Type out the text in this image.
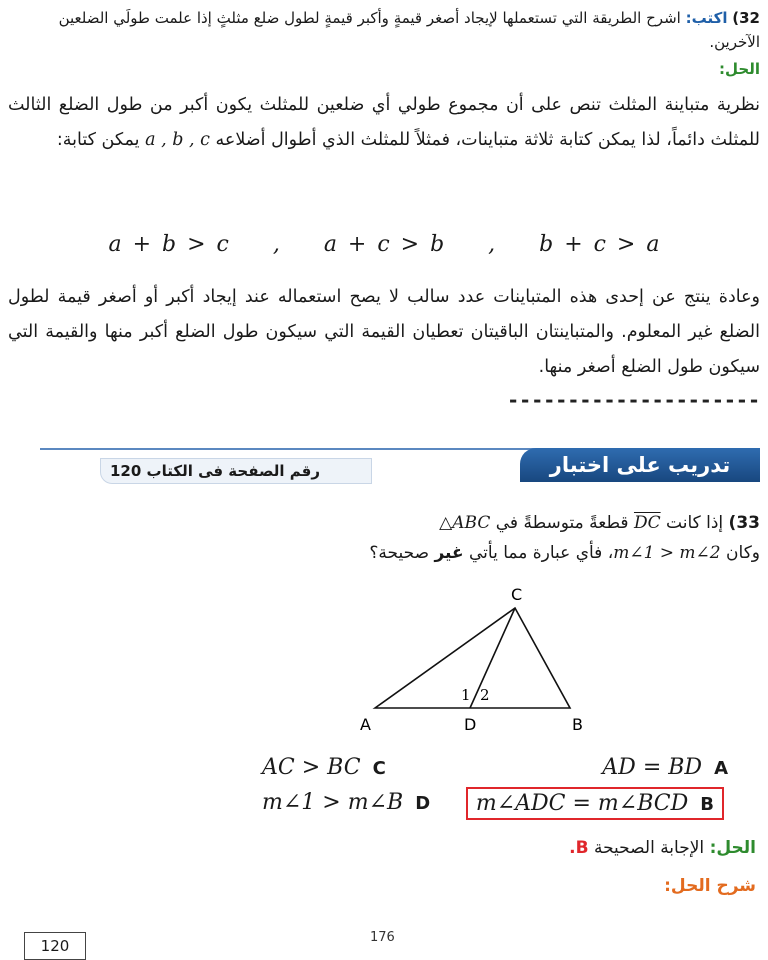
32) اكتب: اشرح الطريقة التي تستعملها لإيجاد أصغر قيمةٍ وأكبر قيمةٍ لطول ضلع مثلثٍ إذا علمت طولَي الضلعين الآخرين.
الحل:
نظرية متباينة المثلث تنص على أن مجموع طولي أي ضلعين للمثلث يكون أكبر من طول الضلع الثالث للمثلث دائماً، لذا يمكن كتابة ثلاثة متباينات، فمثلاً للمثلث الذي أطوال أضلاعه a , b , c يمكن كتابة:
a + b > c    ,    a + c > b    ,    b + c > a
وعادة ينتج عن إحدى هذه المتباينات عدد سالب لا يصح استعماله عند إيجاد أكبر أو أصغر قيمة لطول الضلع غير المعلوم. والمتباينتان الباقيتان تعطيان القيمة التي سيكون طول الضلع أكبر منها والقيمة التي سيكون طول الضلع أصغر منها.
---------------------
رقم الصفحة فى الكتاب 120	تدريب على اختبار
33) إذا كانت $\overline{DC}$ قطعةً متوسطةً في △ABC
وكان m∠1 > m∠2، فأي عبارة مما يأتي غير صحيحة؟
C
A	D	B
1 2
AD = BD A
AC > BC C
m∠ADC = m∠BCD B
m∠1 > m∠B D
الحل: الإجابة الصحيحة B.
شرح الحل:
176
120
